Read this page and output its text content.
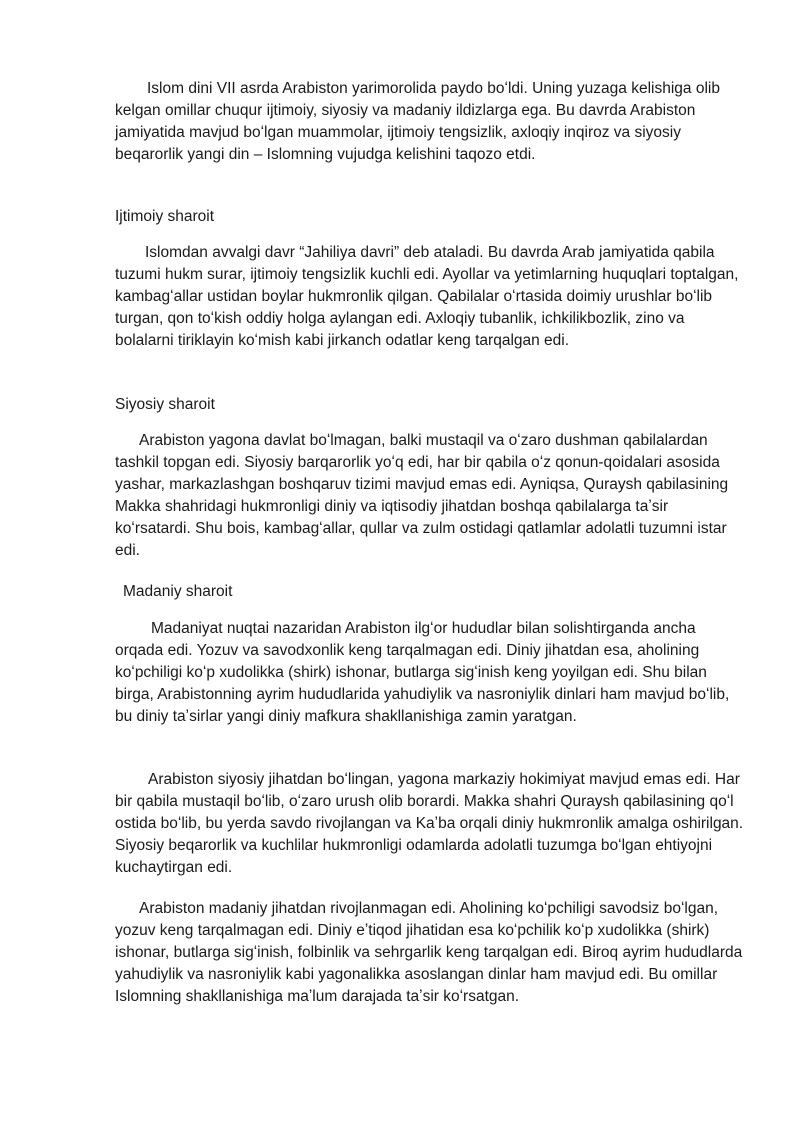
Islom dini VII asrda Arabiston yarimorolida paydo boʻldi. Uning yuzaga kelishiga olib kelgan omillar chuqur ijtimoiy, siyosiy va madaniy ildizlarga ega. Bu davrda Arabiston jamiyatida mavjud boʻlgan muammolar, ijtimoiy tengsizlik, axloqiy inqiroz va siyosiy beqarorlik yangi din – Islomning vujudga kelishini taqozo etdi.

Ijtimoiy sharoit

Islomdan avvalgi davr “Jahiliya davri” deb ataladi. Bu davrda Arab jamiyatida qabila tuzumi hukm surar, ijtimoiy tengsizlik kuchli edi. Ayollar va yetimlarning huquqlari toptalgan, kambagʻallar ustidan boylar hukmronlik qilgan. Qabilalar oʻrtasida doimiy urushlar boʻlib turgan, qon toʻkish oddiy holga aylangan edi. Axloqiy tubanlik, ichkilikbozlik, zino va bolalarni tiriklayin koʻmish kabi jirkanch odatlar keng tarqalgan edi.

Siyosiy sharoit

Arabiston yagona davlat boʻlmagan, balki mustaqil va oʻzaro dushman qabilalardan tashkil topgan edi. Siyosiy barqarorlik yoʻq edi, har bir qabila oʻz qonun-qoidalari asosida yashar, markazlashgan boshqaruv tizimi mavjud emas edi. Ayniqsa, Quraysh qabilasining Makka shahridagi hukmronligi diniy va iqtisodiy jihatdan boshqa qabilalarga taʼsir koʻrsatardi. Shu bois, kambagʻallar, qullar va zulm ostidagi qatlamlar adolatli tuzumni istar edi.

Madaniy sharoit

Madaniyat nuqtai nazaridan Arabiston ilgʻor hududlar bilan solishtirganda ancha orqada edi. Yozuv va savodxonlik keng tarqalmagan edi. Diniy jihatdan esa, aholining koʻpchiligi koʻp xudolikka (shirk) ishonar, butlarga sigʻinish keng yoyilgan edi. Shu bilan birga, Arabistonning ayrim hududlarida yahudiylik va nasroniylik dinlari ham mavjud boʻlib, bu diniy taʼsirlar yangi diniy mafkura shakllanishiga zamin yaratgan.

Arabiston siyosiy jihatdan boʻlingan, yagona markaziy hokimiyat mavjud emas edi. Har bir qabila mustaqil boʻlib, oʻzaro urush olib borardi. Makka shahri Quraysh qabilasining qoʻl ostida boʻlib, bu yerda savdo rivojlangan va Kaʼba orqali diniy hukmronlik amalga oshirilgan. Siyosiy beqarorlik va kuchlilar hukmronligi odamlarda adolatli tuzumga boʻlgan ehtiyojni kuchaytirgan edi.

Arabiston madaniy jihatdan rivojlanmagan edi. Aholining koʻpchiligi savodsiz boʻlgan, yozuv keng tarqalmagan edi. Diniy eʼtiqod jihatidan esa koʻpchilik koʻp xudolikka (shirk) ishonar, butlarga sigʻinish, folbinlik va sehrgarlik keng tarqalgan edi. Biroq ayrim hududlarda yahudiylik va nasroniylik kabi yagonalikka asoslangan dinlar ham mavjud edi. Bu omillar Islomning shakllanishiga maʼlum darajada taʼsir koʻrsatgan.
